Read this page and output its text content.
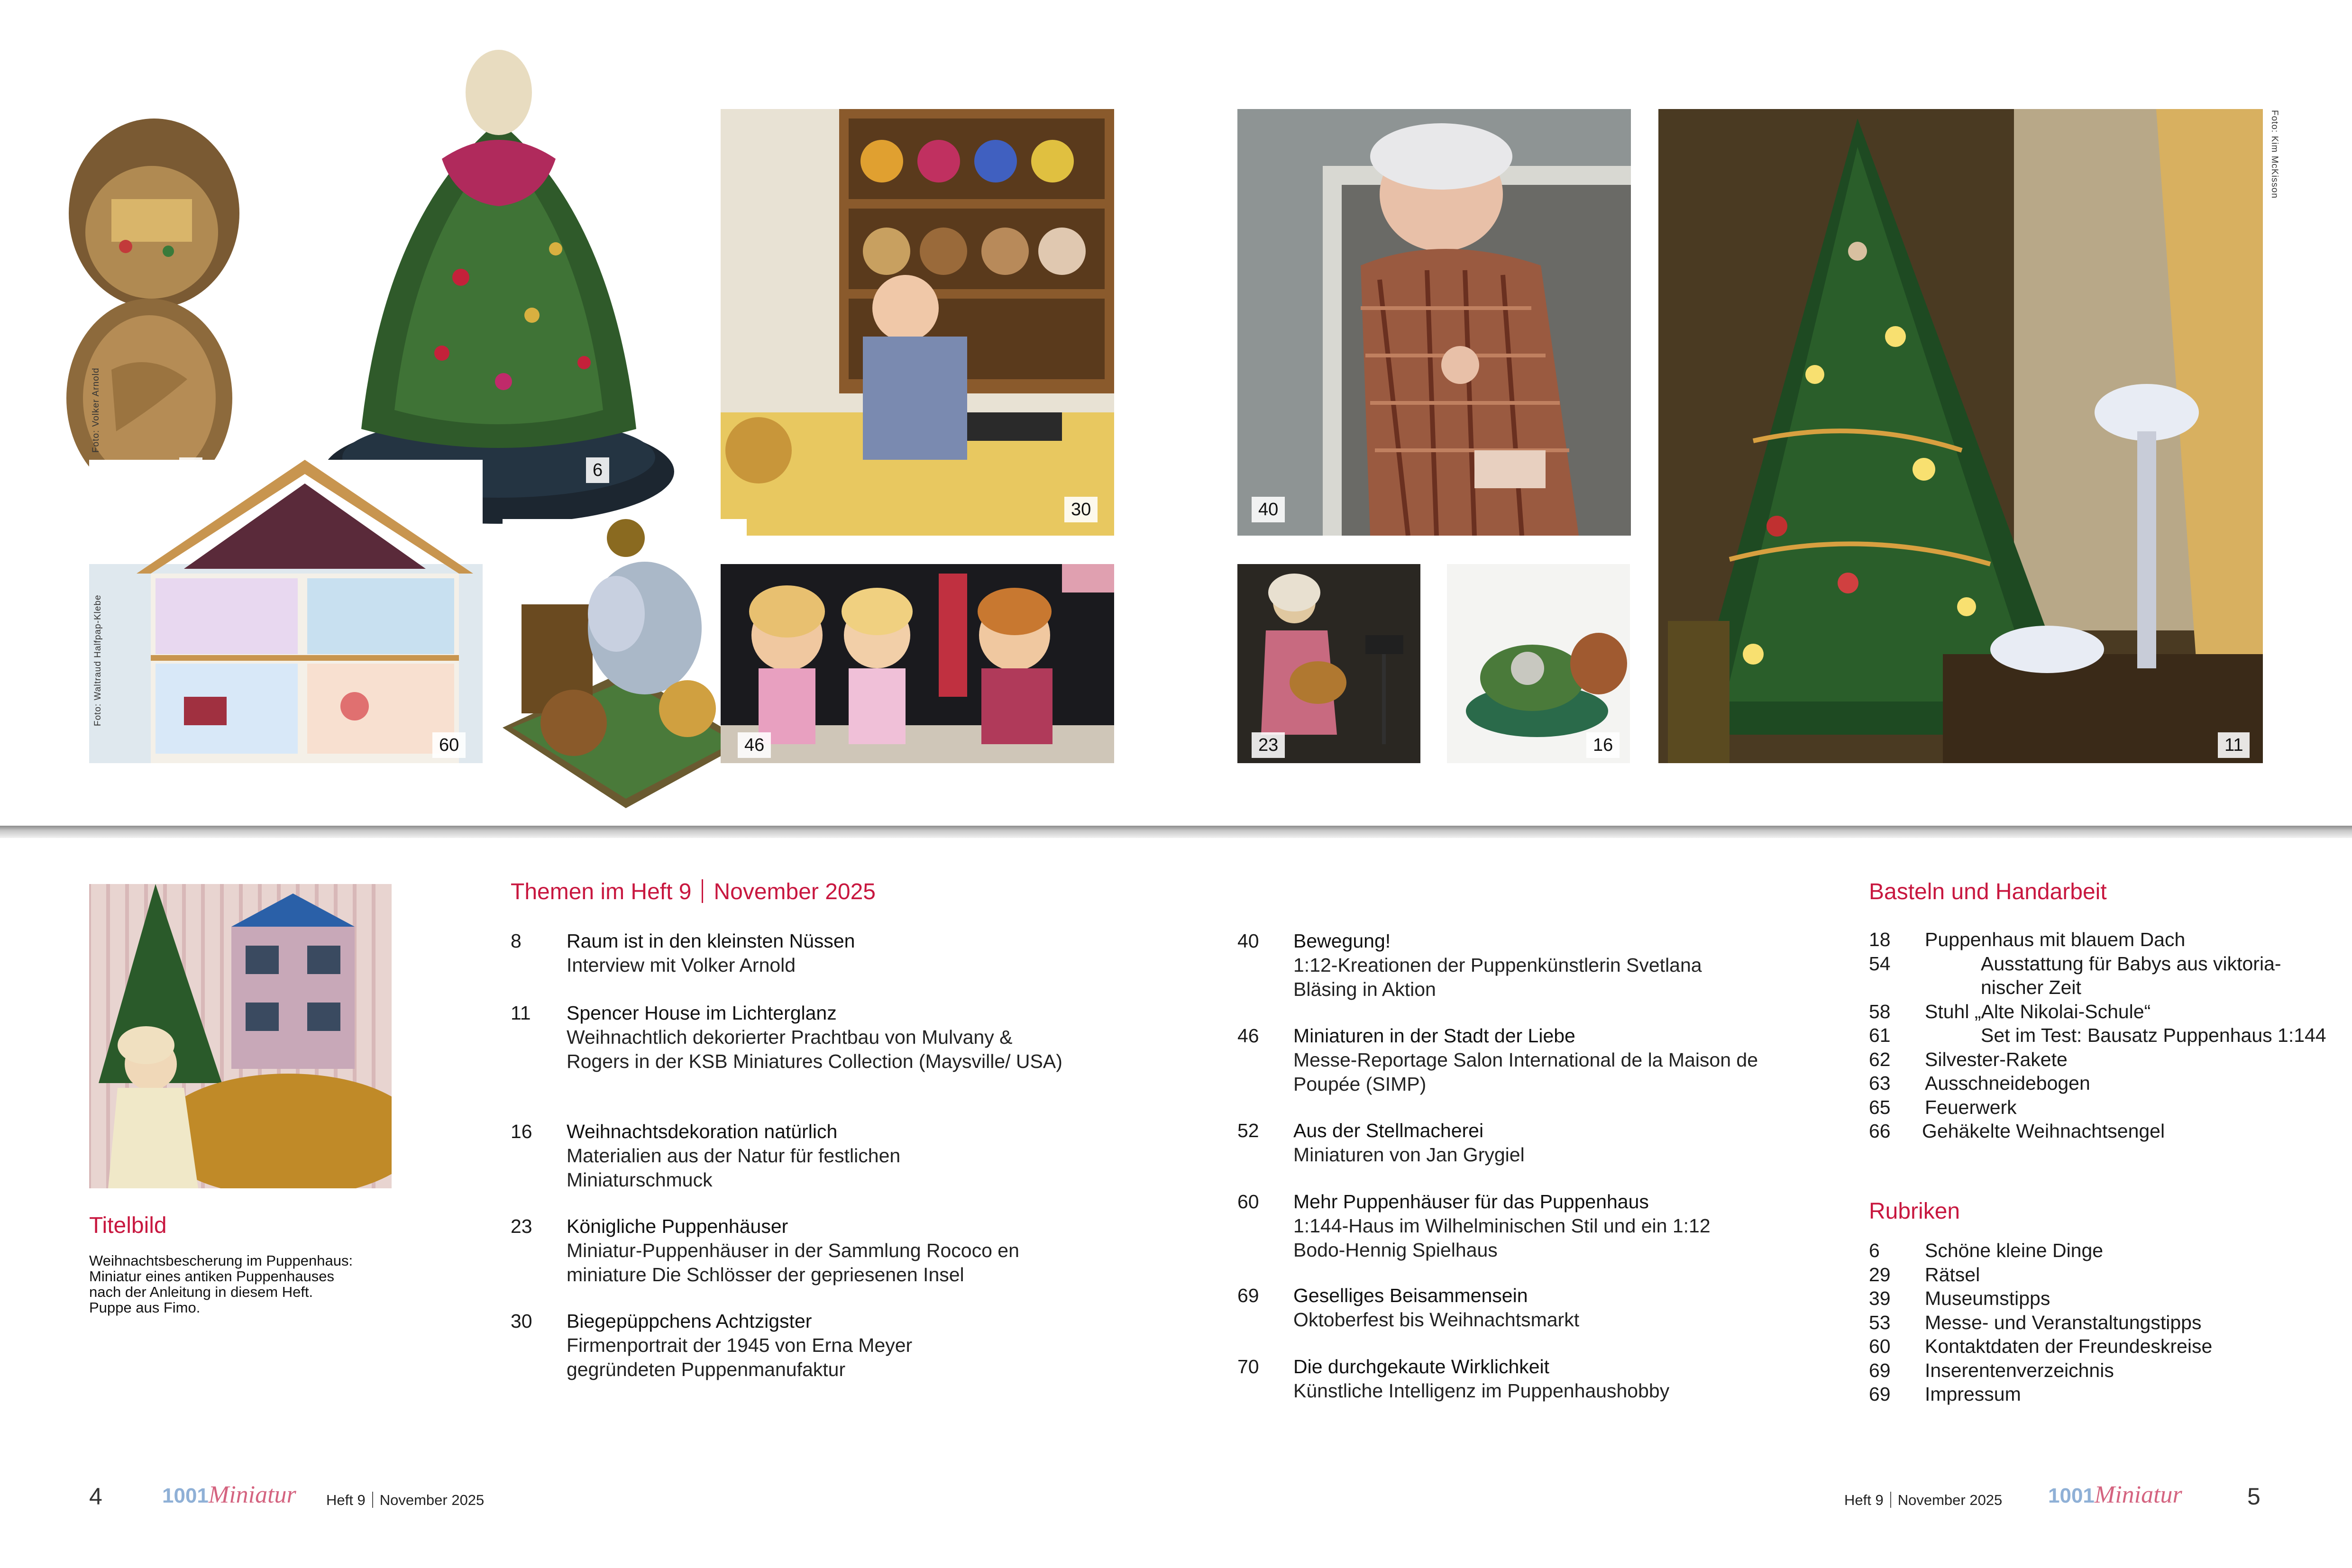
Foto: Volker Arnold
6
30
60
Foto: Waltraud Halfpap-Klebe
46
40
23	16	11
Foto: Kim McKisson
Titelbild
Weihnachtsbescherung im Puppenhaus:
Miniatur eines antiken Puppenhauses
nach der Anleitung in diesem Heft.
Puppe aus Fimo.
Themen im Heft 9 November 2025
8 Raum ist in den kleinsten Nüssen
Interview mit Volker Arnold
11 Spencer House im Lichterglanz
Weihnachtlich dekorierter Prachtbau von Mulvany & Rogers in der KSB Miniatures Collection (Maysville/ USA)
16 Weihnachtsdekoration natürlich
Materialien aus der Natur für festlichen Miniaturschmuck
23 Königliche Puppenhäuser
Miniatur-Puppenhäuser in der Sammlung Rococo en miniature Die Schlösser der gepriesenen Insel
30 Biegepüppchens Achtzigster
Firmenportrait der 1945 von Erna Meyer gegründeten Puppenmanufaktur
40 Bewegung!
1:12-Kreationen der Puppenkünstlerin Svetlana Bläsing in Aktion
46 Miniaturen in der Stadt der Liebe
Messe-Reportage Salon International de la Maison de Poupée (SIMP)
52 Aus der Stellmacherei
Miniaturen von Jan Grygiel
60 Mehr Puppenhäuser für das Puppenhaus
1:144-Haus im Wilhelminischen Stil und ein 1:12 Bodo-Hennig Spielhaus
69 Geselliges Beisammensein
Oktoberfest bis Weihnachtsmarkt
70 Die durchgekaute Wirklichkeit
Künstliche Intelligenz im Puppenhaushobby
Basteln und Handarbeit
18 Puppenhaus mit blauem Dach
54	Ausstattung für Babys aus viktoria-nischer Zeit
58 Stuhl „Alte Nikolai-Schule“
61	Set im Test: Bausatz Puppenhaus 1:144
62 Silvester-Rakete
63 Ausschneidebogen
65 Feuerwerk
66 Gehäkelte Weihnachtsengel
Rubriken
6 Schöne kleine Dinge
29 Rätsel
39 Museumstipps
53 Messe- und Veranstaltungstipps
60 Kontaktdaten der Freundeskreise
69 Inserentenverzeichnis
69 Impressum
4	1001Miniatur Heft 9 November 2025	Heft 9 November 2025 1001Miniatur	5
